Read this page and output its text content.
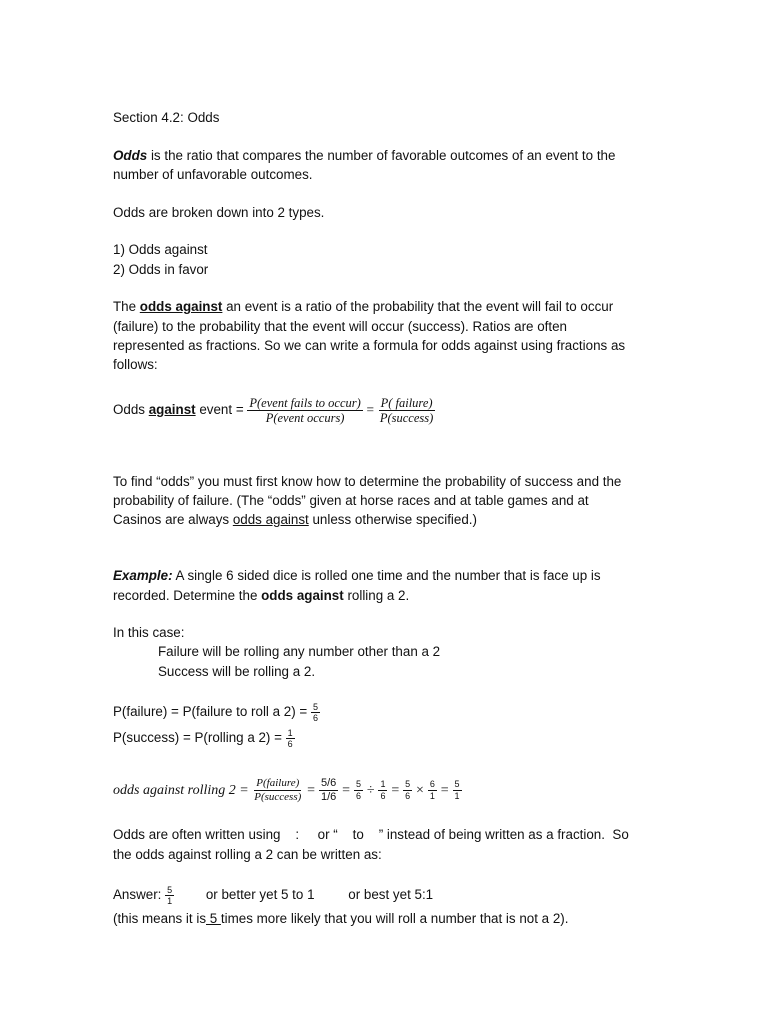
Section 4.2: Odds
Odds is the ratio that compares the number of favorable outcomes of an event to the
number of unfavorable outcomes.
Odds are broken down into 2 types.
1) Odds against
2) Odds in favor
The odds against an event is a ratio of the probability that the event will fail to occur
(failure) to the probability that the event will occur (success). Ratios are often
represented as fractions. So we can write a formula for odds against using fractions as
follows:
Odds against event = $\frac{\text{P(event fails to occur)}}{\text{P(event occurs)}} = \frac{\text{P( failure)}}{\text{P(success)}}$
To find “odds” you must first know how to determine the probability of success and the
probability of failure. (The “odds” given at horse races and at table games and at
Casinos are always odds against unless otherwise specified.)
Example: A single 6 sided dice is rolled one time and the number that is face up is
recorded. Determine the odds against rolling a 2.
In this case:
Failure will be rolling any number other than a 2
Success will be rolling a 2.
P(failure) = P(failure to roll a $2) = \frac{5}{6}$
P(success) = P(rolling a $2) = \frac{1}{6}$
odds against rolling $2 = \frac{\text{P(failure)}}{\text{P(success)}} = \frac{5/6}{1/6} = \frac{5}{6} \div \frac{1}{6} = \frac{5}{6} \times \frac{6}{1} = \frac{5}{1}$
Odds are often written using    :     or “    to    ” instead of being written as a fraction.  So
the odds against rolling a 2 can be written as:
Answer: $\frac{5}{1}$ or better yet 5 to 1	or best yet 5:1
(this means it is 5 times more likely that you will roll a number that is not a 2).
